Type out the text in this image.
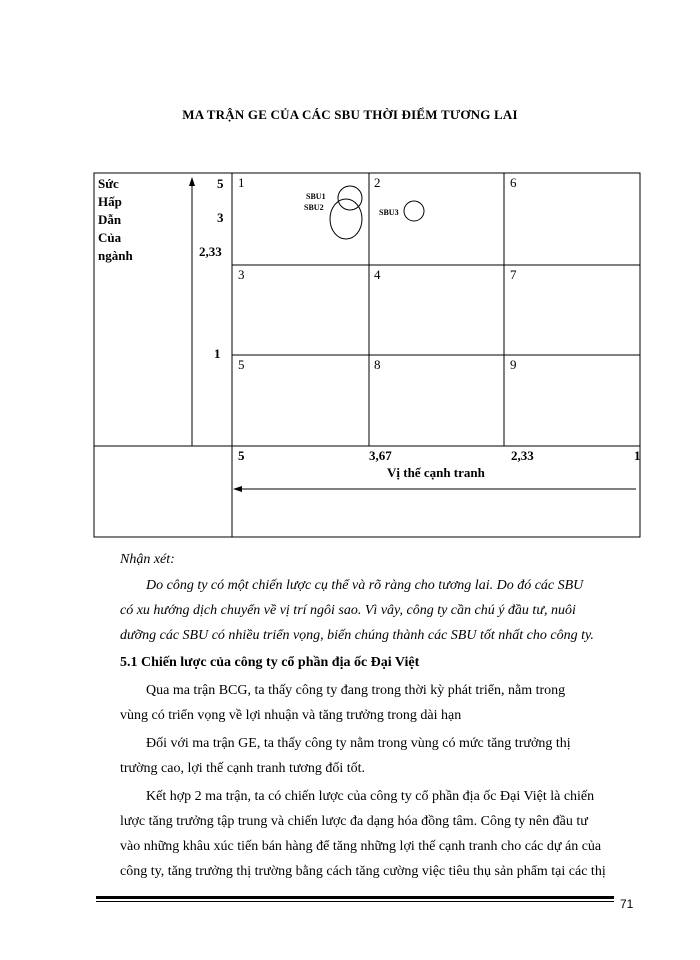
MA TRẬN GE CỦA CÁC SBU THỜI ĐIỂM TƯƠNG LAI
Sức
Hấp
Dẫn
Của
ngành
5
3
2,33
1
1	2	6
3	4	7
5	8	9
SBU1
SBU2
SBU3
5	3,67	2,33	1
Vị thế cạnh tranh
Nhận xét:
Do công ty có một chiến lược cụ thể và rõ ràng cho tương lai. Do đó các SBU
có xu hướng dịch chuyển về vị trí ngôi sao. Vì vây, công ty cần chú ý đầu tư, nuôi
dưỡng các SBU có nhiều triển vọng, biến chúng thành các SBU tốt nhất cho công ty.
5.1 Chiến lược của công ty cổ phần địa ốc Đại Việt
Qua ma trận BCG, ta thấy công ty đang trong thời kỳ phát triển, nằm trong
vùng có triển vọng về lợi nhuận và tăng trưởng trong dài hạn
Đối với ma trận GE, ta thấy công ty nằm trong vùng có mức tăng trưởng thị
trường cao, lợi thế cạnh tranh tương đối tốt.
Kết hợp 2 ma trận, ta có chiến lược của công ty cổ phần địa ốc Đại Việt là chiến
lược tăng trưởng tập trung và chiến lược đa dạng hóa đồng tâm. Công ty nên đầu tư
vào những khâu xúc tiến bán hàng để tăng những lợi thế cạnh tranh cho các dự án của
công ty, tăng trưởng thị trường bằng cách tăng cường việc tiêu thụ sản phẩm tại các thị
71
